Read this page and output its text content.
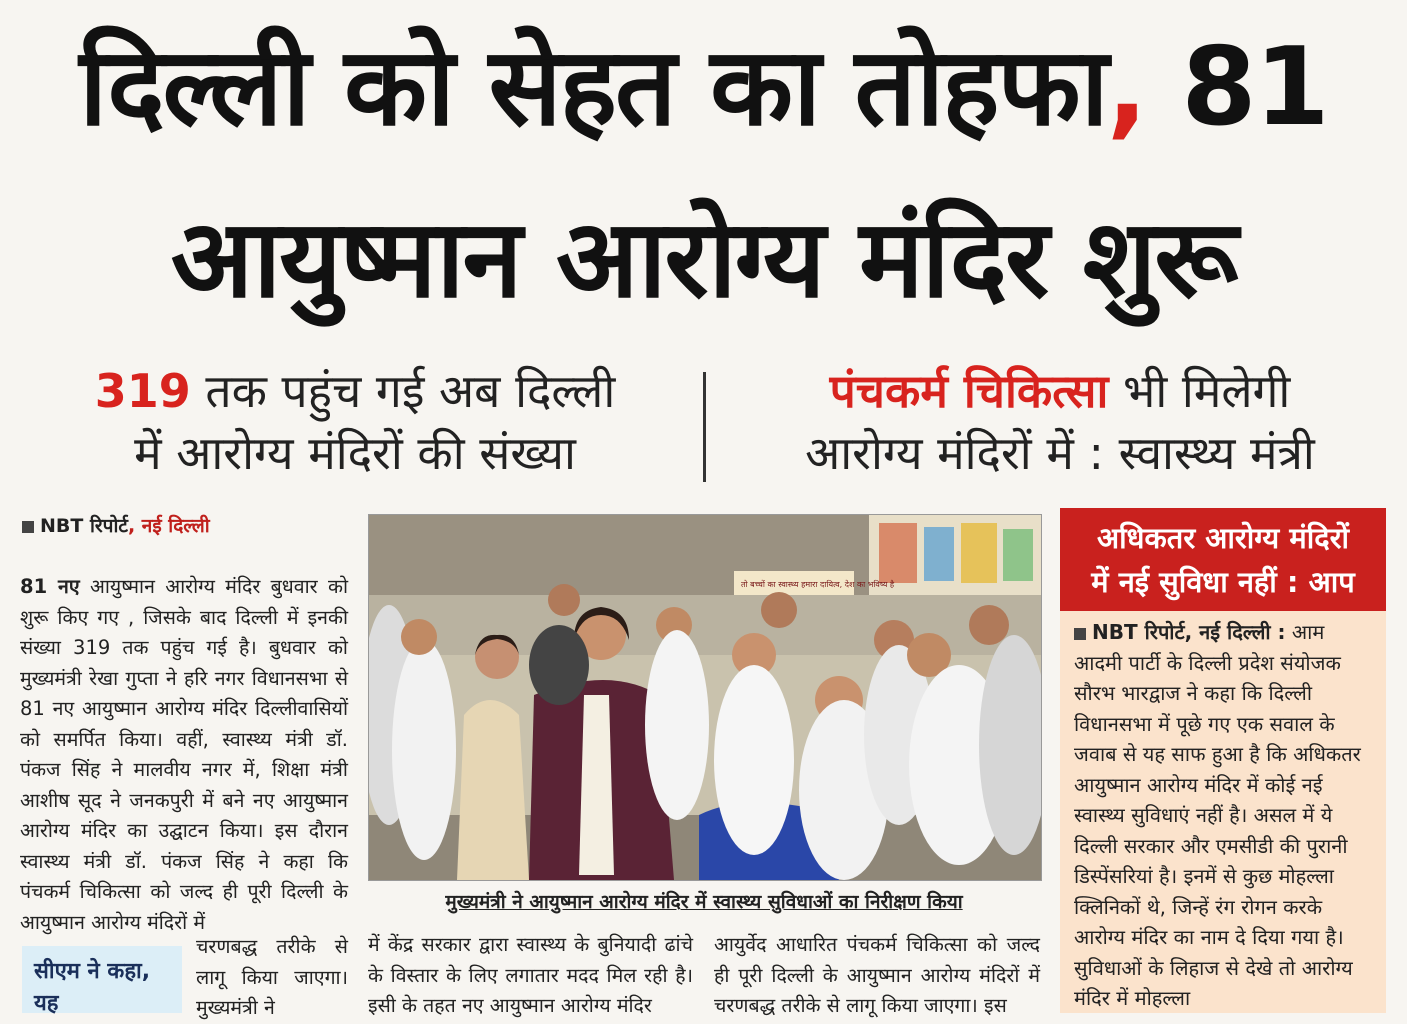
दिल्ली को सेहत का तोहफा, 81
आयुष्मान आरोग्य मंदिर शुरू
319 तक पहुंच गई अब दिल्ली
में आरोग्य मंदिरों की संख्या
पंचकर्म चिकित्सा भी मिलेगी
आरोग्य मंदिरों में : स्वास्थ्य मंत्री
NBT रिपोर्ट, नई दिल्ली
81 नए आयुष्मान आरोग्य मंदिर बुधवार को शुरू किए गए , जिसके बाद दिल्ली में इनकी संख्या 319 तक पहुंच गई है। बुधवार को मुख्यमंत्री रेखा गुप्ता ने हरि नगर विधानसभा से 81 नए आयुष्मान आरोग्य मंदिर दिल्लीवासियों को समर्पित किया। वहीं, स्वास्थ्य मंत्री डॉ. पंकज सिंह ने मालवीय नगर में, शिक्षा मंत्री आशीष सूद ने जनकपुरी में बने नए आयुष्मान आरोग्य मंदिर का उद्घाटन किया। इस दौरान स्वास्थ्य मंत्री डॉ. पंकज सिंह ने कहा कि पंचकर्म चिकित्सा को जल्द ही पूरी दिल्ली के आयुष्मान आरोग्य मंदिरों में
सीएम ने कहा, यह
चरणबद्ध तरीके से लागू किया जाएगा। मुख्यमंत्री ने
तो बच्चों का स्वास्थ्य हमारा दायित्व, देश का भविष्य है
मुख्यमंत्री ने आयुष्मान आरोग्य मंदिर में स्वास्थ्य सुविधाओं का निरीक्षण किया
में केंद्र सरकार द्वारा स्वास्थ्य के बुनियादी ढांचे के विस्तार के लिए लगातार मदद मिल रही है। इसी के तहत नए आयुष्मान आरोग्य मंदिर
आयुर्वेद आधारित पंचकर्म चिकित्सा को जल्द ही पूरी दिल्ली के आयुष्मान आरोग्य मंदिरों में चरणबद्ध तरीके से लागू किया जाएगा। इस
अधिकतर आरोग्य मंदिरों
में नई सुविधा नहीं : आप
NBT रिपोर्ट, नई दिल्ली : आम आदमी पार्टी के दिल्ली प्रदेश संयोजक सौरभ भारद्वाज ने कहा कि दिल्ली विधानसभा में पूछे गए एक सवाल के जवाब से यह साफ हुआ है कि अधिकतर आयुष्मान आरोग्य मंदिर में कोई नई स्वास्थ्य सुविधाएं नहीं है। असल में ये दिल्ली सरकार और एमसीडी की पुरानी डिस्पेंसरियां है। इनमें से कुछ मोहल्ला क्लिनिकों थे, जिन्हें रंग रोगन करके आरोग्य मंदिर का नाम दे दिया गया है। सुविधाओं के लिहाज से देखे तो आरोग्य मंदिर में मोहल्ला
